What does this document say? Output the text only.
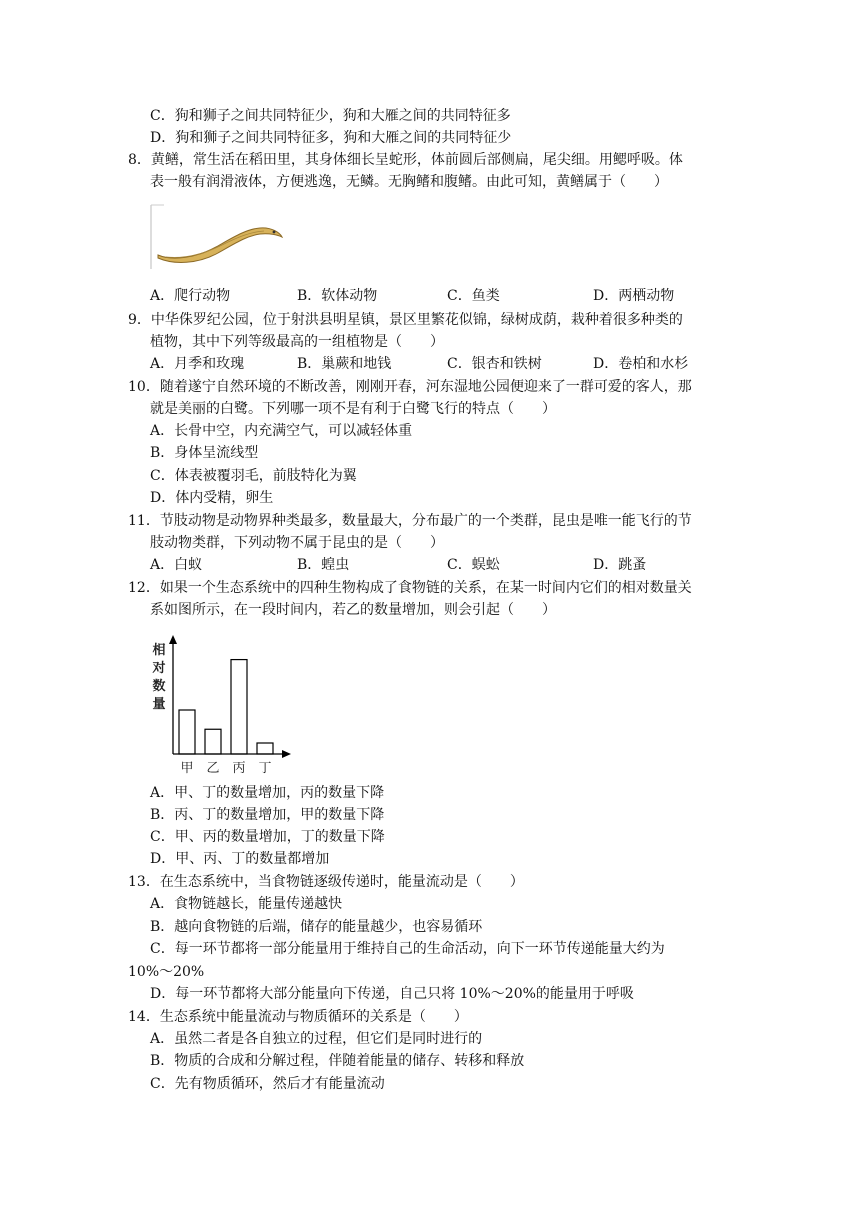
C．狗和狮子之间共同特征少，狗和大雁之间的共同特征多
D．狗和狮子之间共同特征多，狗和大雁之间的共同特征少
8．黄鳝，常生活在稻田里，其身体细长呈蛇形，体前圆后部侧扁，尾尖细。用鳃呼吸。体
表一般有润滑液体，方便逃逸，无鳞。无胸鳍和腹鳍。由此可知，黄鳝属于（　　）
A．爬行动物	B．软体动物	C．鱼类	D．两栖动物
9．中华侏罗纪公园，位于射洪县明星镇，景区里繁花似锦，绿树成荫，栽种着很多种类的
植物，其中下列等级最高的一组植物是（　　）
A．月季和玫瑰	B．巢蕨和地钱	C．银杏和铁树	D．卷柏和水杉
10．随着遂宁自然环境的不断改善，刚刚开春，河东湿地公园便迎来了一群可爱的客人，那
就是美丽的白鹭。下列哪一项不是有利于白鹭飞行的特点（　　）
A．长骨中空，内充满空气，可以减轻体重
B．身体呈流线型
C．体表被覆羽毛，前肢特化为翼
D．体内受精，卵生
11．节肢动物是动物界种类最多，数量最大，分布最广的一个类群，昆虫是唯一能飞行的节
肢动物类群，下列动物不属于昆虫的是（　　）
A．白蚁	B．蝗虫	C．蜈蚣	D．跳蚤
12．如果一个生态系统中的四种生物构成了食物链的关系，在某一时间内它们的相对数量关
系如图所示，在一段时间内，若乙的数量增加，则会引起（　　）
相
对
数
量
甲 乙 丙 丁
A．甲、丁的数量增加，丙的数量下降
B．丙、丁的数量增加，甲的数量下降
C．甲、丙的数量增加，丁的数量下降
D．甲、丙、丁的数量都增加
13．在生态系统中，当食物链逐级传递时，能量流动是（　　）
A．食物链越长，能量传递越快
B．越向食物链的后端，储存的能量越少，也容易循环
C．每一环节都将一部分能量用于维持自己的生命活动，向下一环节传递能量大约为
10%～20%
D．每一环节都将大部分能量向下传递，自己只将 10%～20%的能量用于呼吸
14．生态系统中能量流动与物质循环的关系是（　　）
A．虽然二者是各自独立的过程，但它们是同时进行的
B．物质的合成和分解过程，伴随着能量的储存、转移和释放
C．先有物质循环，然后才有能量流动
